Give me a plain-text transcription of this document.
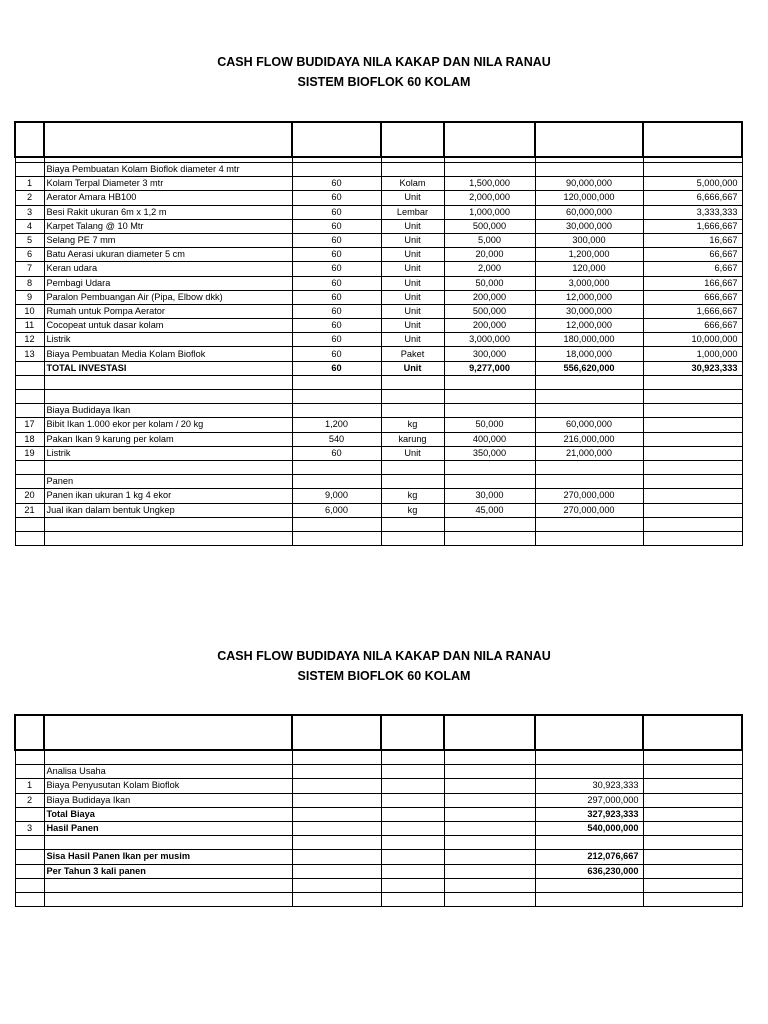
CASH FLOW BUDIDAYA NILA KAKAP DAN NILA RANAU
SISTEM BIOFLOK 60 KOLAM

	Biaya Pembuatan Kolam Bioflok diameter 4 mtr					
1	Kolam Terpal Diameter 3 mtr	60	Kolam	1,500,000	90,000,000	5,000,000
2	Aerator Amara HB100	60	Unit	2,000,000	120,000,000	6,666,667
3	Besi Rakit ukuran 6m x 1,2 m	60	Lembar	1,000,000	60,000,000	3,333,333
4	Karpet Talang @ 10 Mtr	60	Unit	500,000	30,000,000	1,666,667
5	Selang PE 7 mm	60	Unit	5,000	300,000	16,667
6	Batu Aerasi ukuran diameter 5 cm	60	Unit	20,000	1,200,000	66,667
7	Keran udara	60	Unit	2,000	120,000	6,667
8	Pembagi Udara	60	Unit	50,000	3,000,000	166,667
9	Paralon Pembuangan Air (Pipa, Elbow dkk)	60	Unit	200,000	12,000,000	666,667
10	Rumah untuk Pompa Aerator	60	Unit	500,000	30,000,000	1,666,667
11	Cocopeat untuk dasar kolam	60	Unit	200,000	12,000,000	666,667
12	Listrik	60	Unit	3,000,000	180,000,000	10,000,000
13	Biaya Pembuatan Media Kolam Bioflok	60	Paket	300,000	18,000,000	1,000,000
	TOTAL INVESTASI	60	Unit	9,277,000	556,620,000	30,923,333

	Biaya Budidaya Ikan					
17	Bibit Ikan 1.000 ekor per kolam / 20 kg	1,200	kg	50,000	60,000,000	
18	Pakan Ikan 9 karung per kolam	540	karung	400,000	216,000,000	
19	Listrik	60	Unit	350,000	21,000,000	

	Panen					
20	Panen ikan ukuran 1 kg 4 ekor	9,000	kg	30,000	270,000,000	
21	Jual ikan dalam bentuk Ungkep	6,000	kg	45,000	270,000,000	

CASH FLOW BUDIDAYA NILA KAKAP DAN NILA RANAU
SISTEM BIOFLOK 60 KOLAM

	Analisa Usaha					
1	Biaya Penyusutan Kolam Bioflok				30,923,333	
2	Biaya Budidaya Ikan				297,000,000	
	Total Biaya				327,923,333	
3	Hasil Panen				540,000,000	

	Sisa Hasil Panen Ikan per musim				212,076,667	
	Per Tahun 3 kali panen				636,230,000	
